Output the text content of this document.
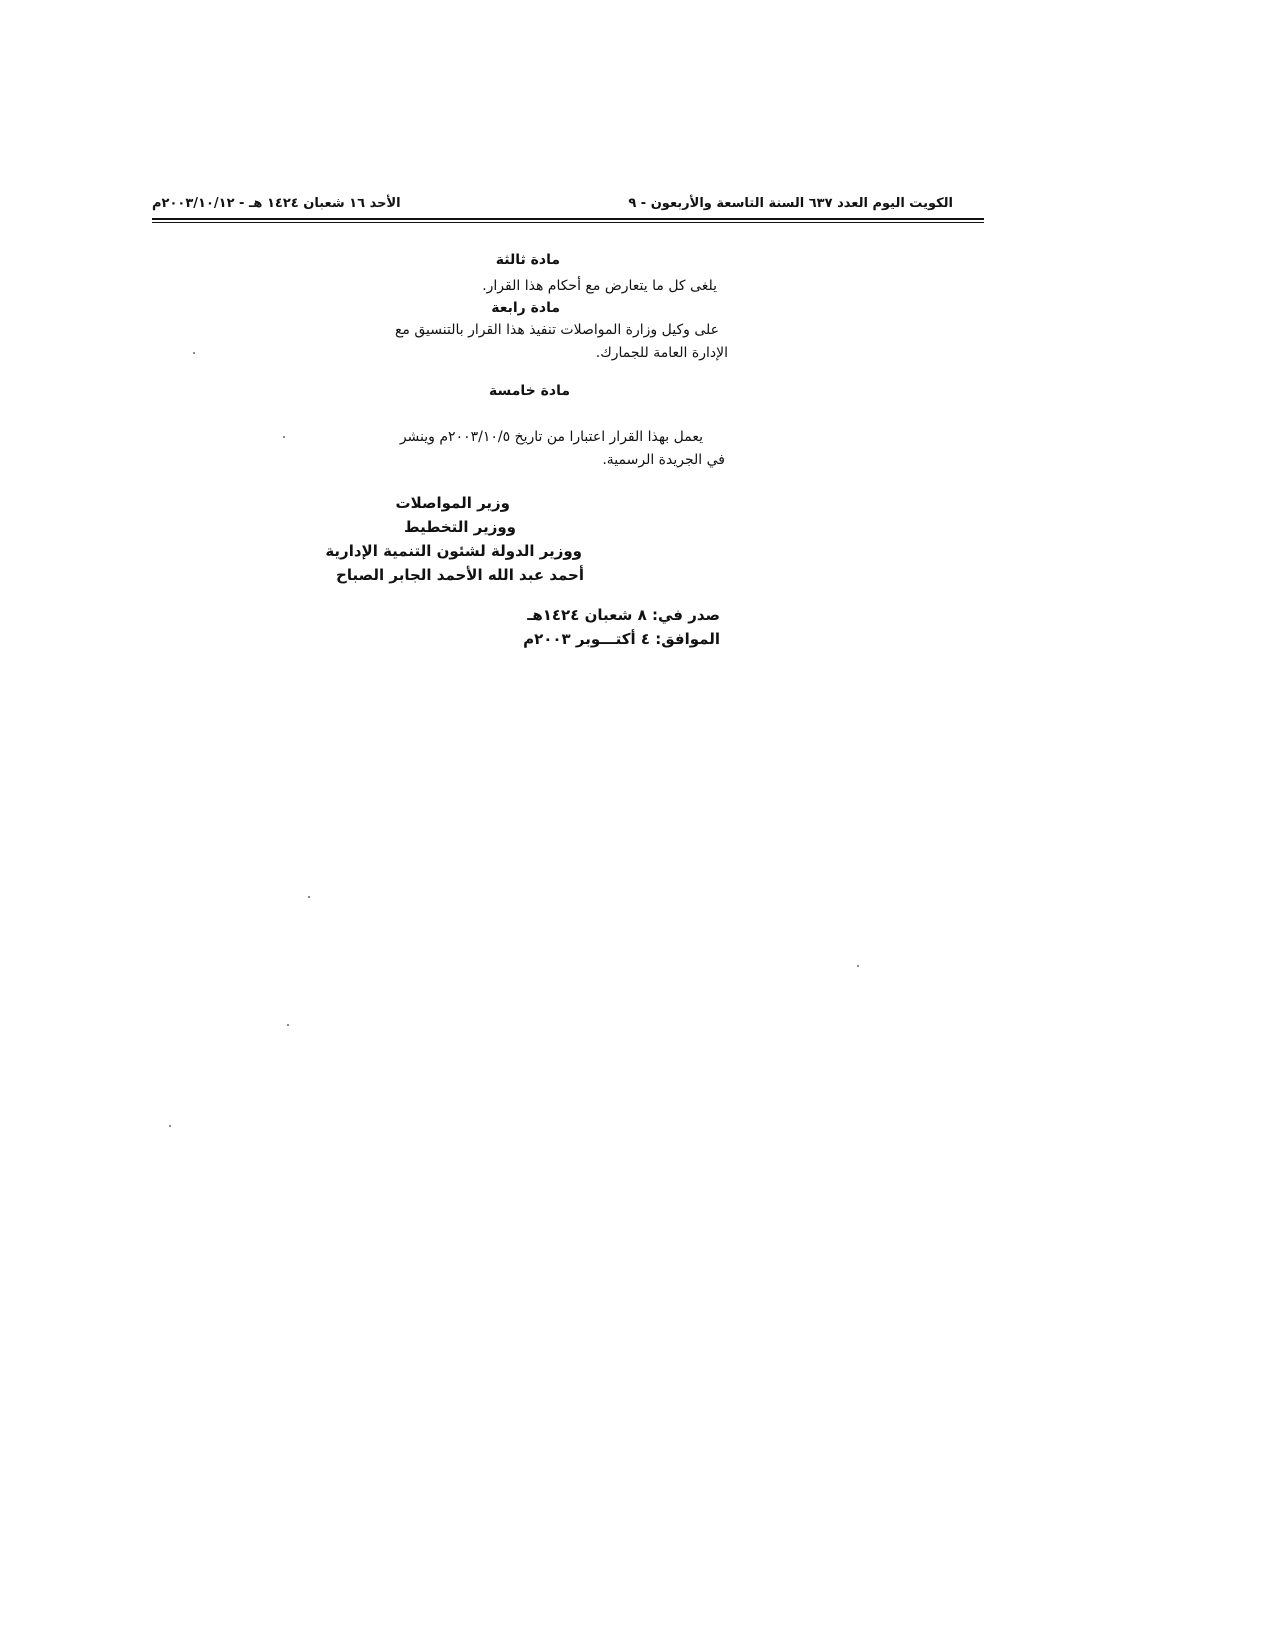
الكويت اليوم العدد ٦٣٧ السنة التاسعة والأربعون - ٩
الأحد ١٦ شعبان ١٤٢٤ هـ - ٢٠٠٣/١٠/١٢م
مادة ثالثة
يلغى كل ما يتعارض مع أحكام هذا القرار.
مادة رابعة
على وكيل وزارة المواصلات تنفيذ هذا القرار بالتنسيق مع
الإدارة العامة للجمارك.
مادة خامسة
يعمل بهذا القرار اعتبارا من تاريخ ٢٠٠٣/١٠/٥م وينشر
في الجريدة الرسمية.
وزير المواصلات
ووزير التخطيط
ووزير الدولة لشئون التنمية الإدارية
أحمد عبد الله الأحمد الجابر الصباح
صدر في: ٨ شعبان ١٤٢٤هـ
الموافق: ٤ أكتـــوبر ٢٠٠٣م
